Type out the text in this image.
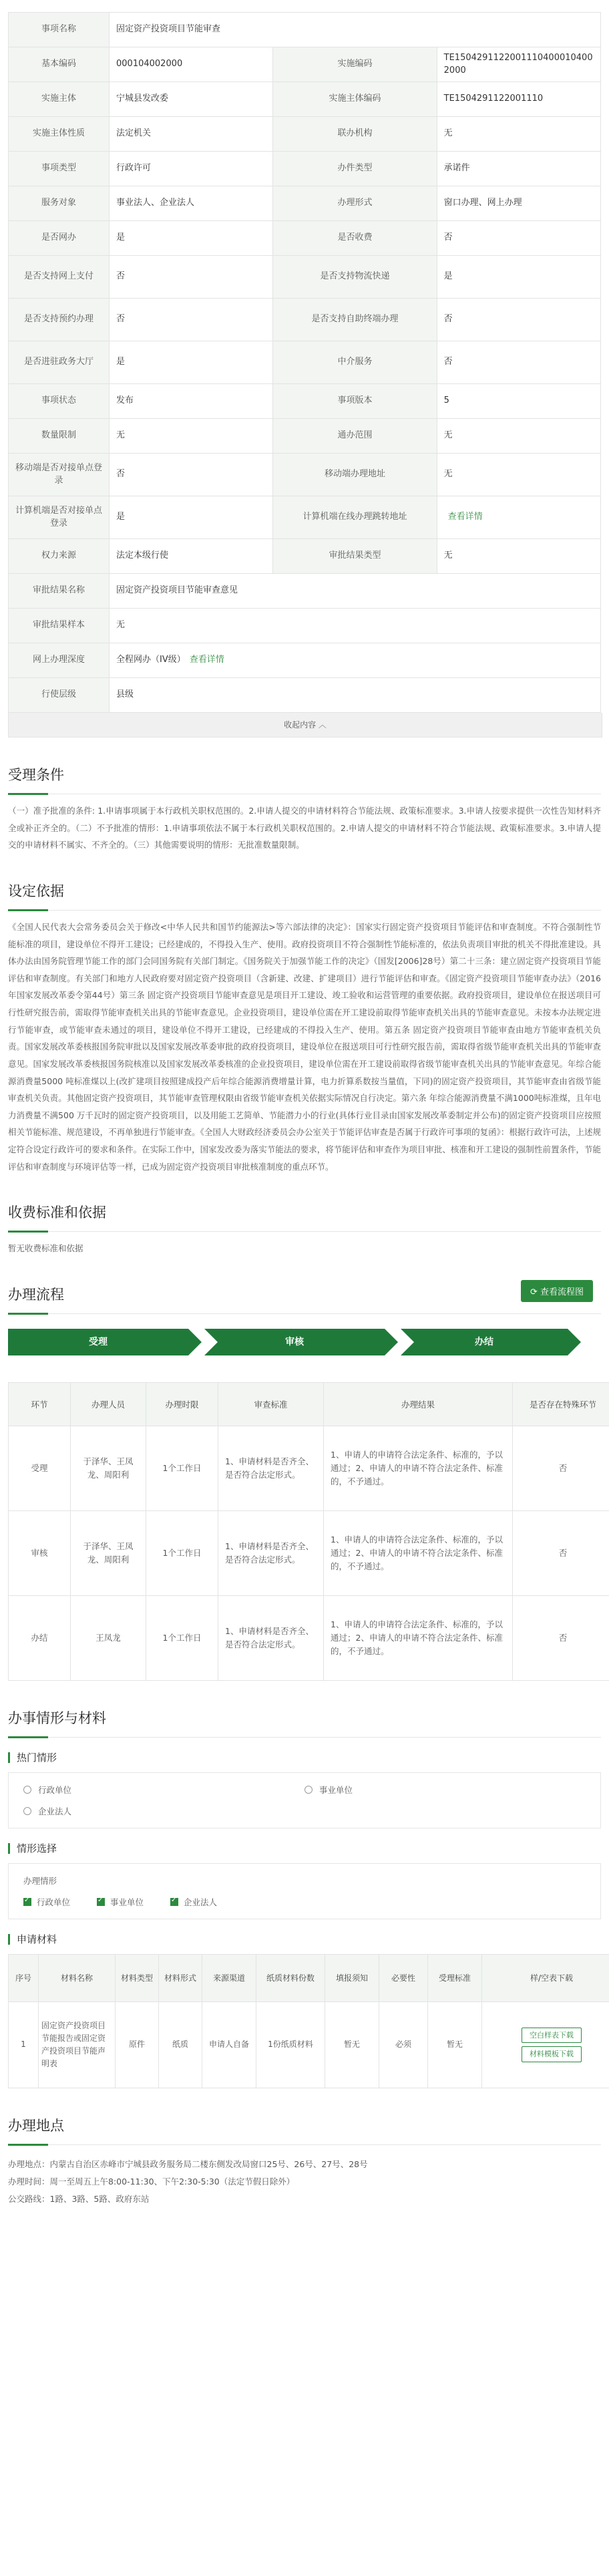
事项名称	固定资产投资项目节能审查		
基本编码	000104002000	实施编码	TE15042911220011104000104002000
实施主体	宁城县发改委	实施主体编码	TE1504291122001110
实施主体性质	法定机关	联办机构	无
事项类型	行政许可	办件类型	承诺件
服务对象	事业法人、企业法人	办理形式	窗口办理、网上办理
是否网办	是	是否收费	否
是否支持网上支付	否	是否支持物流快递	是
是否支持预约办理	否	是否支持自助终端办理	否
是否进驻政务大厅	是	中介服务	否
事项状态	发布	事项版本	5
数量限制	无	通办范围	无
移动端是否对接单点登录	否	移动端办理地址	无
计算机端是否对接单点登录	是	计算机端在线办理跳转地址	查看详情
权力来源	法定本级行使	审批结果类型	无
审批结果名称	固定资产投资项目节能审查意见		
审批结果样本	无		
网上办理深度	全程网办（IV级） 查看详情		
行使层级	县级		
收起内容 ︿
受理条件
（一）准予批准的条件: 1.申请事项属于本行政机关职权范围的。2.申请人提交的申请材料符合节能法规、政策标准要求。3.申请人按要求提供一次性告知材料齐全或补正齐全的。（二）不予批准的情形：1.申请事项依法不属于本行政机关职权范围的。2.申请人提交的申请材料不符合节能法规、政策标准要求。3.申请人提交的申请材料不属实、不齐全的。（三）其他需要说明的情形：无批准数量限制。
设定依据
《全国人民代表大会常务委员会关于修改<中华人民共和国节约能源法>等六部法律的决定》：国家实行固定资产投资项目节能评估和审查制度。不符合强制性节能标准的项目，建设单位不得开工建设；已经建成的，不得投入生产、使用。政府投资项目不符合强制性节能标准的，依法负责项目审批的机关不得批准建设。具体办法由国务院管理节能工作的部门会同国务院有关部门制定。《国务院关于加强节能工作的决定》（国发[2006]28号）第二十三条：建立固定资产投资项目节能评估和审查制度。有关部门和地方人民政府要对固定资产投资项目（含新建、改建、扩建项目）进行节能评估和审查。《固定资产投资项目节能审查办法》（2016年国家发展改革委令第44号）第三条 固定资产投资项目节能审查意见是项目开工建设、竣工验收和运营管理的重要依据。政府投资项目，建设单位在报送项目可行性研究报告前，需取得节能审查机关出具的节能审查意见。企业投资项目，建设单位需在开工建设前取得节能审查机关出具的节能审查意见。未按本办法规定进行节能审查，或节能审查未通过的项目，建设单位不得开工建设，已经建成的不得投入生产、使用。第五条 固定资产投资项目节能审查由地方节能审查机关负责。国家发展改革委核报国务院审批以及国家发展改革委审批的政府投资项目，建设单位在报送项目可行性研究报告前，需取得省级节能审查机关出具的节能审查意见。国家发展改革委核报国务院核准以及国家发展改革委核准的企业投资项目，建设单位需在开工建设前取得省级节能审查机关出具的节能审查意见。年综合能源消费量5000 吨标准煤以上(改扩建项目按照建成投产后年综合能源消费增量计算，电力折算系数按当量值，下同)的固定资产投资项目，其节能审查由省级节能审查机关负责。其他固定资产投资项目，其节能审查管理权限由省级节能审查机关依据实际情况自行决定。第六条 年综合能源消费量不满1000吨标准煤，且年电力消费量不满500 万千瓦时的固定资产投资项目，以及用能工艺简单、节能潜力小的行业(具体行业目录由国家发展改革委制定并公布)的固定资产投资项目应按照相关节能标准、规范建设，不再单独进行节能审查。《全国人大财政经济委员会办公室关于节能评估审查是否属于行政许可事项的复函》：根据行政许可法，上述规定符合设定行政许可的要求和条件。在实际工作中，国家发改委为落实节能法的要求，将节能评估和审查作为项目审批、核准和开工建设的强制性前置条件，节能评估和审查制度与环境评估等一样，已成为固定资产投资项目审批核准制度的重点环节。
收费标准和依据
暂无收费标准和依据
办理流程	⟳ 查看流程图
受理	审核	办结
环节	办理人员	办理时限	审查标准	办理结果	是否存在特殊环节
受理	于泽华、王凤龙、周阳利	1个工作日	1、申请材料是否齐全、是否符合法定形式。	1、申请人的申请符合法定条件、标准的，予以通过；2、申请人的申请不符合法定条件、标准的，不予通过。	否
审核	于泽华、王凤龙、周阳利	1个工作日	1、申请材料是否齐全、是否符合法定形式。	1、申请人的申请符合法定条件、标准的，予以通过；2、申请人的申请不符合法定条件、标准的，不予通过。	否
办结	王凤龙	1个工作日	1、申请材料是否齐全、是否符合法定形式。	1、申请人的申请符合法定条件、标准的，予以通过；2、申请人的申请不符合法定条件、标准的，不予通过。	否
办事情形与材料
热门情形
行政单位	事业单位
企业法人
情形选择
办理情形
✓
行政单位 ✓	事业单位 ✓	企业法人
申请材料
序号	材料名称	材料类型	材料形式	来源渠道	纸质材料份数	填报须知	必要性	受理标准	样/空表下载
1	固定资产投资项目节能报告或固定资产投资项目节能声明表	原件	纸质	申请人自备	1份纸质材料	暂无	必须	暂无	空白样表下载
材料模板下载
办理地点
办理地点：内蒙古自治区赤峰市宁城县政务服务局二楼东侧发改局窗口25号、26号、27号、28号
办理时间：周一至周五上午8:00-11:30、下午2:30-5:30（法定节假日除外）
公交路线：1路、3路、5路、政府东站
